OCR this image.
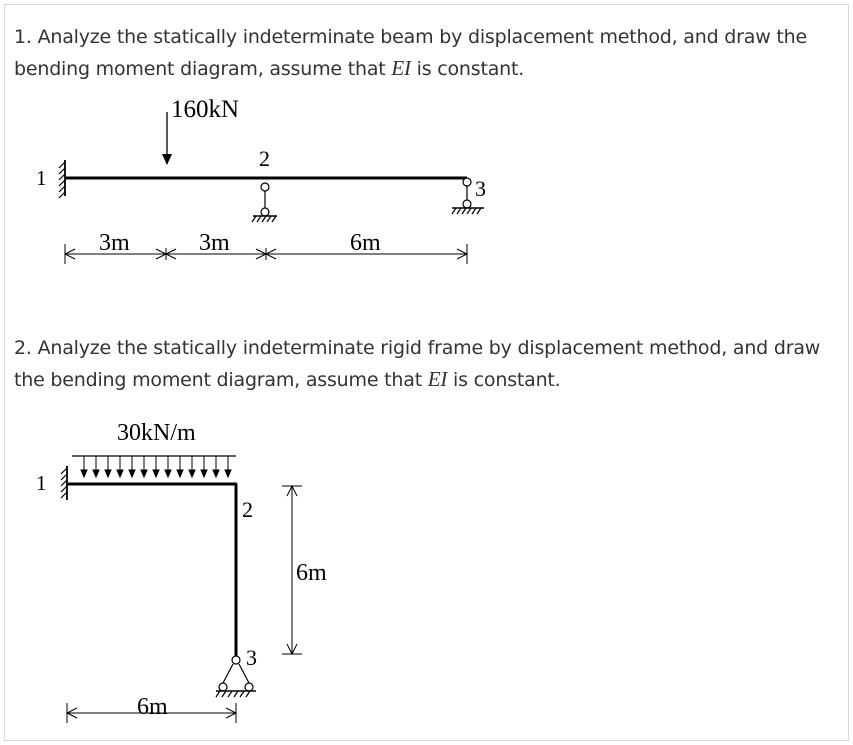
1. Analyze the statically indeterminate beam by displacement method, and draw the bending moment diagram, assume that EI is constant.

2. Analyze the statically indeterminate rigid frame by displacement method, and draw the bending moment diagram, assume that EI is constant.

1
160kN
2
3
3m	3m	6m
1
30kN/m
2
3
6m
6m
